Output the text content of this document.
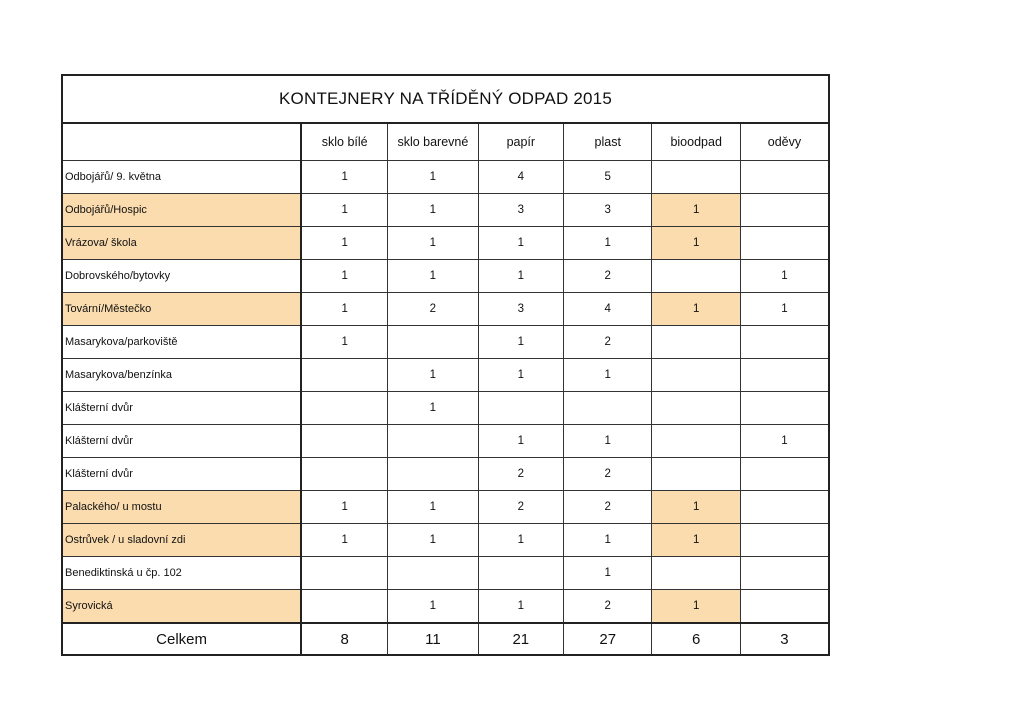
KONTEJNERY NA TŘÍDĚNÝ ODPAD 2015						
	sklo bílé	sklo barevné	papír	plast	bioodpad	oděvy
Odbojářů/ 9. května	1	1	4	5		
Odbojářů/Hospic	1	1	3	3	1	
Vrázova/ škola	1	1	1	1	1	
Dobrovského/bytovky	1	1	1	2		1
Tovární/Městečko	1	2	3	4	1	1
Masarykova/parkoviště	1		1	2		
Masarykova/benzínka		1	1	1		
Klášterní dvůr		1				
Klášterní dvůr			1	1		1
Klášterní dvůr			2	2		
Palackého/ u mostu	1	1	2	2	1	
Ostrůvek / u sladovní zdi	1	1	1	1	1	
Benediktinská u čp. 102				1		
Syrovická		1	1	2	1	
Celkem	8	11	21	27	6	3
